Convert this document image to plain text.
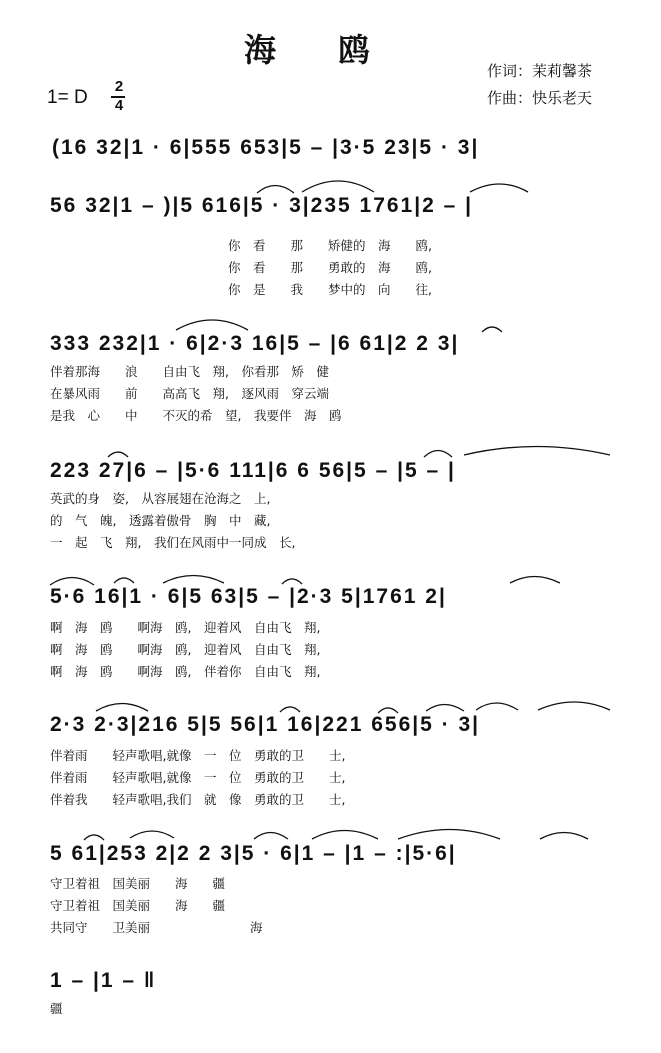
海鸥
作词：茉莉馨茶
作曲：快乐老天
1= D
2
4
(16 32|1 · 6|555 653|5 – |3·5 23|5 · 3|
56 32|1 – )|5 616|5 · 3|235 1761|2 – |
你　看　　那　　矫健的　海　　鸥,
你　看　　那　　勇敢的　海　　鸥,
你　是　　我　　梦中的　向　　往,
333 232|1 · 6|2·3 16|5 – |6 61|2 2 3|
伴着那海　　浪　　自由飞　翔,　你看那　矫　健
在暴风雨　　前　　高高飞　翔,　逐风雨　穿云端
是我　心　　中　　不灭的希　望,　我要伴　海　鸥
223 27|6 – |5·6 111|6 6 56|5 – |5 – |
英武的身　姿,　从容展翅在沧海之　上,
的　气　魄,　透露着傲骨　胸　中　藏,
一　起　飞　翔,　我们在风雨中一同成　长,
5·6 16|1 · 6|5 63|5 – |2·3 5|1761 2|
啊　海　鸥　　啊海　鸥,　迎着风　自由飞　翔,
啊　海　鸥　　啊海　鸥,　迎着风　自由飞　翔,
啊　海　鸥　　啊海　鸥,　伴着你　自由飞　翔,
2·3 2·3|216 5|5 56|1 16|221 656|5 · 3|
伴着雨　　轻声歌唱,就像　一　位　勇敢的卫　　士,
伴着雨　　轻声歌唱,就像　一　位　勇敢的卫　　士,
伴着我　　轻声歌唱,我们　就　像　勇敢的卫　　士,
5 61|253 2|2 2 3|5 · 6|1 – |1 – :|5·6|
守卫着祖　国美丽　　海　　疆
守卫着祖　国美丽　　海　　疆
共同守　　卫美丽　　　　　　　　海
1 – |1 – ‖
疆
